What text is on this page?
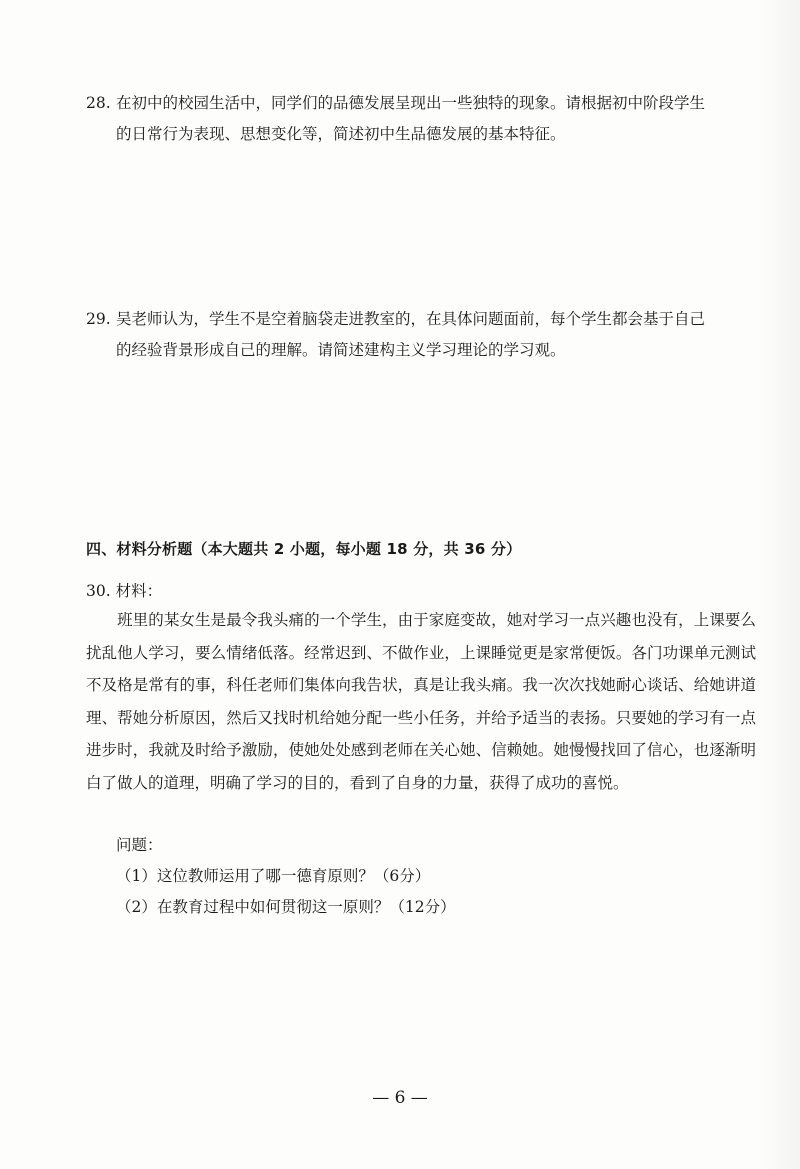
28. 在初中的校园生活中，同学们的品德发展呈现出一些独特的现象。请根据初中阶段学生
的日常行为表现、思想变化等，简述初中生品德发展的基本特征。

29. 吴老师认为，学生不是空着脑袋走进教室的，在具体问题面前，每个学生都会基于自己
的经验背景形成自己的理解。请简述建构主义学习理论的学习观。

四、材料分析题（本大题共 2 小题，每小题 18 分，共 36 分）

30. 材料：

班里的某女生是最令我头痛的一个学生，由于家庭变故，她对学习一点兴趣也没有，上课要么扰乱他人学习，要么情绪低落。经常迟到、不做作业，上课睡觉更是家常便饭。各门功课单元测试不及格是常有的事，科任老师们集体向我告状，真是让我头痛。我一次次找她耐心谈话、给她讲道理、帮她分析原因，然后又找时机给她分配一些小任务，并给予适当的表扬。只要她的学习有一点进步时，我就及时给予激励，使她处处感到老师在关心她、信赖她。她慢慢找回了信心，也逐渐明白了做人的道理，明确了学习的目的，看到了自身的力量，获得了成功的喜悦。

问题：

（1）这位教师运用了哪一德育原则？（6分）

（2）在教育过程中如何贯彻这一原则？（12分）

— 6 —
